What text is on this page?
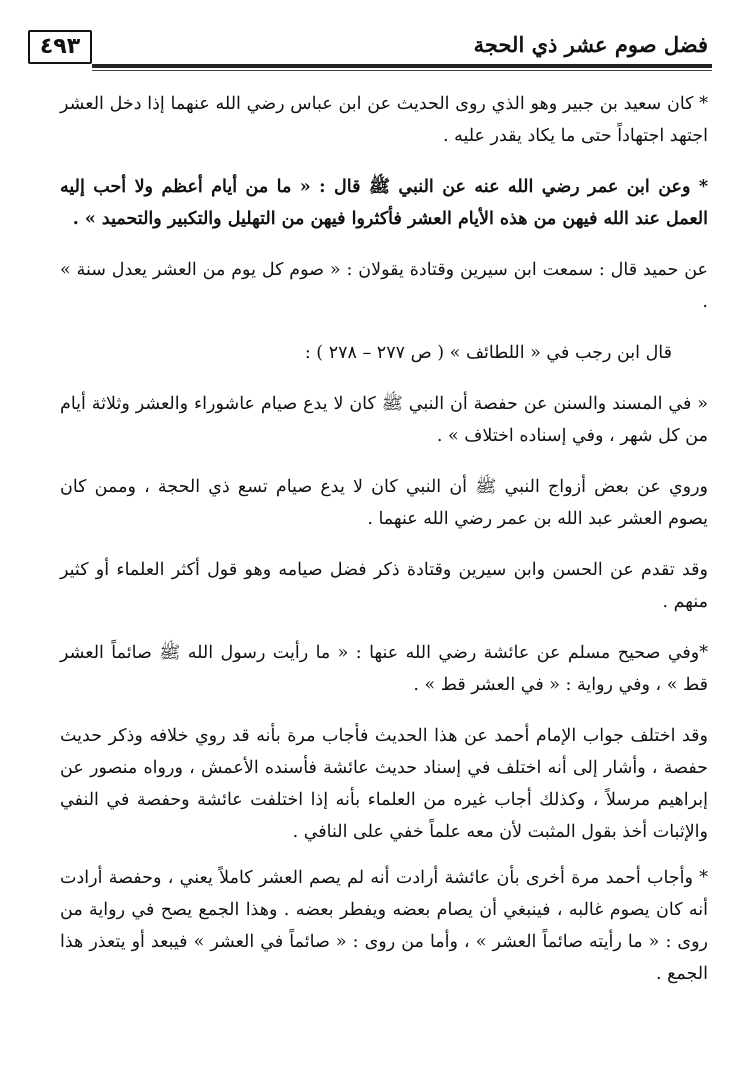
٤٩٣	فضل صوم عشر ذي الحجة

* كان سعيد بن جبير وهو الذي روى الحديث عن ابن عباس رضي الله عنهما إذا دخل العشر اجتهد اجتهاداً حتى ما يكاد يقدر عليه .

* وعن ابن عمر رضي الله عنه عن النبي ﷺ قال : « ما من أيام أعظم ولا أحب إليه العمل عند الله فيهن من هذه الأيام العشر فأكثروا فيهن من التهليل والتكبير والتحميد » .

عن حميد قال : سمعت ابن سيرين وقتادة يقولان : « صوم كل يوم من العشر يعدل سنة » .

قال ابن رجب في « اللطائف » ( ص ٢٧٧ – ٢٧٨ ) :

« في المسند والسنن عن حفصة أن النبي ﷺ كان لا يدع صيام عاشوراء والعشر وثلاثة أيام من كل شهر ، وفي إسناده اختلاف » .

وروي عن بعض أزواج النبي ﷺ أن النبي كان لا يدع صيام تسع ذي الحجة ، وممن كان يصوم العشر عبد الله بن عمر رضي الله عنهما .

وقد تقدم عن الحسن وابن سيرين وقتادة ذكر فضل صيامه وهو قول أكثر العلماء أو كثير منهم .

*وفي صحيح مسلم عن عائشة رضي الله عنها : « ما رأيت رسول الله ﷺ صائماً العشر قط » ، وفي رواية : « في العشر قط » .

وقد اختلف جواب الإمام أحمد عن هذا الحديث فأجاب مرة بأنه قد روي خلافه وذكر حديث حفصة ، وأشار إلى أنه اختلف في إسناد حديث عائشة فأسنده الأعمش ، ورواه منصور عن إبراهيم مرسلاً ، وكذلك أجاب غيره من العلماء بأنه إذا اختلفت عائشة وحفصة في النفي والإثبات أخذ بقول المثبت لأن معه علماً خفي على النافي .

* وأجاب أحمد مرة أخرى بأن عائشة أرادت أنه لم يصم العشر كاملاً يعني ، وحفصة أرادت أنه كان يصوم غالبه ، فينبغي أن يصام بعضه ويفطر بعضه . وهذا الجمع يصح في رواية من روى : « ما رأيته صائماً العشر » ، وأما من روى : « صائماً في العشر » فيبعد أو يتعذر هذا الجمع .
